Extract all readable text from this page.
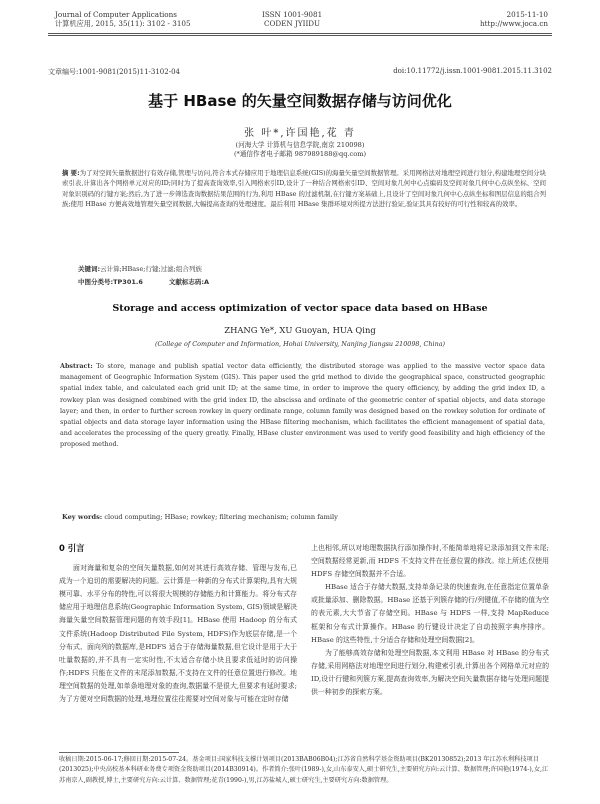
Journal of Computer Applications
计算机应用, 2015, 35(11): 3102 - 3105
ISSN 1001-9081
CODEN JYIIDU
2015-11-10
http://www.joca.cn
文章编号:1001-9081(2015)11-3102-04	doi:10.11772/j.issn.1001-9081.2015.11.3102
基于 HBase 的矢量空间数据存储与访问优化
张 叶*,许国艳,花 青
(河海大学 计算机与信息学院,南京 210098)
(*通信作者电子邮箱 987989188@qq.com)
摘 要:为了对空间矢量数据进行有效存储,管理与访问,符合本式存储应用于地理信息系统(GIS)的海量矢量空间数据管理。采用网格法对地理空间进行划分,构建地理空间分块索引表,计算出各个网格单元对应的ID;同时为了提高查询效率,引入网格索引ID,设计了一种结合网格索引ID、空间对象几何中心点编码及空间对象几何中心点纵坐标、空间对象识别码的行键方案;然后,为了进一步筛选查询数据结果范围的行为,利用 HBase 的过滤机制,在行键方案基础上,且设计了空间对象几何中心点纵坐标和图层信息的组合列族;使用 HBase 方便高效地管理矢量空间数据,大幅提高查询的处理速度。最后利用 HBase 集群环境对所提方法进行验证,验证其具有较好的可行性和较高的效率。
关键词:云计算;HBase;行键;过滤;组合列族
中图分类号:TP301.6	文献标志码:A
Storage and access optimization of vector space data based on HBase
ZHANG Ye*, XU Guoyan, HUA Qing
(College of Computer and Information, Hohai University, Nanjing Jiangsu 210098, China)
Abstract: To store, manage and publish spatial vector data efficiently, the distributed storage was applied to the massive vector space data management of Geographic Information System (GIS). This paper used the grid method to divide the geographical space, constructed geographic spatial index table, and calculated each grid unit ID; at the same time, in order to improve the query efficiency, by adding the grid index ID, a rowkey plan was designed combined with the grid index ID, the abscissa and ordinate of the geometric center of spatial objects, and data storage layer; and then, in order to further screen rowkey in query ordinate range, column family was designed based on the rowkey solution for ordinate of spatial objects and data storage layer information using the HBase filtering mechanism, which facilitates the efficient management of spatial data, and accelerates the processing of the query greatly. Finally, HBase cluster environment was used to verify good feasibility and high efficiency of the proposed method.
Key words: cloud computing; HBase; rowkey; filtering mechanism; column family
0 引言

面对海量和复杂的空间矢量数据,如何对其进行高效存储、管理与发布,已成为一个迫切的需要解决的问题。云计算是一种新的分布式计算架构,具有大规模可靠、水平分布的特性,可以将很大规模的存储能力和计算能力。将分布式存储应用于地理信息系统(Geographic Information System, GIS)领域是解决海量矢量空间数据管理问题的有效手段[1]。HBase 使用 Hadoop 的分布式文件系统(Hadoop Distributed File System, HDFS)作为底层存储,是一个分布式、面向列的数据库,是HDFS 适合于存储海量数据,但它设计是用于大于吐量数据的,并不具有一定实时性,不太适合存储小块且要求低延时的访问操作;HDFS 只能在文件的末尾添加数据,不支持在文件的任意位置进行修改。地理空间数据的处理,如单条地理对象的查询,数据量不是很大,但要求有延时要求;为了方便对空间数据的处理,地理位置往往需要对空间对象与可能在定时存储

上也相邻,所以对地理数据执行添加操作时,不能简单地将记录添加到文件末尾;空间数据经常更新,而 HDFS 不支持文件在任意位置的修改。综上所述,仅使用 HDFS 存储空间数据并不合适。

HBase 适合于存储大数据,支持单条记录的快速查询,在任意指定位置单条或批量添加、删除数据。HBase 还基于列簇存储的行/列键值,不存储的值为空的表元素,大大节省了存储空间。HBase 与 HDFS 一样,支持 MapReduce 框架和分布式计算操作。HBase 的行键设计决定了自动按照字典序排序。HBase 的这些特性,十分适合存储和处理空间数据[2]。

为了能够高效存储和处理空间数据,本文利用 HBase 对 HBase 的分布式存储,采用网格法对地理空间进行划分,构建索引表,计算出各个网格单元对应的 ID,设计行键和列簇方案,提高查询效率,为解决空间矢量数据存储与处理问题提供一种初步的探索方案。

收稿日期:2015-06-17;修回日期:2015-07-24。基金项目:国家科技支撑计划项目(2013BAB06B04);江苏省自然科学基金资助项目(BK20130852);2013 年江苏水利科技项目(2013025);中央高校基本科研业务费专项资金资助项目(2014B30914)。作者简介:张叶(1989-),女,山东泰安人,硕士研究生,主要研究方向:云计算、数据管理;许国艳(1974-),女,江苏南京人,副教授,博士,主要研究方向:云计算、数据管理;花青(1990-),男,江苏盐城人,硕士研究生,主要研究方向:数据管理。
